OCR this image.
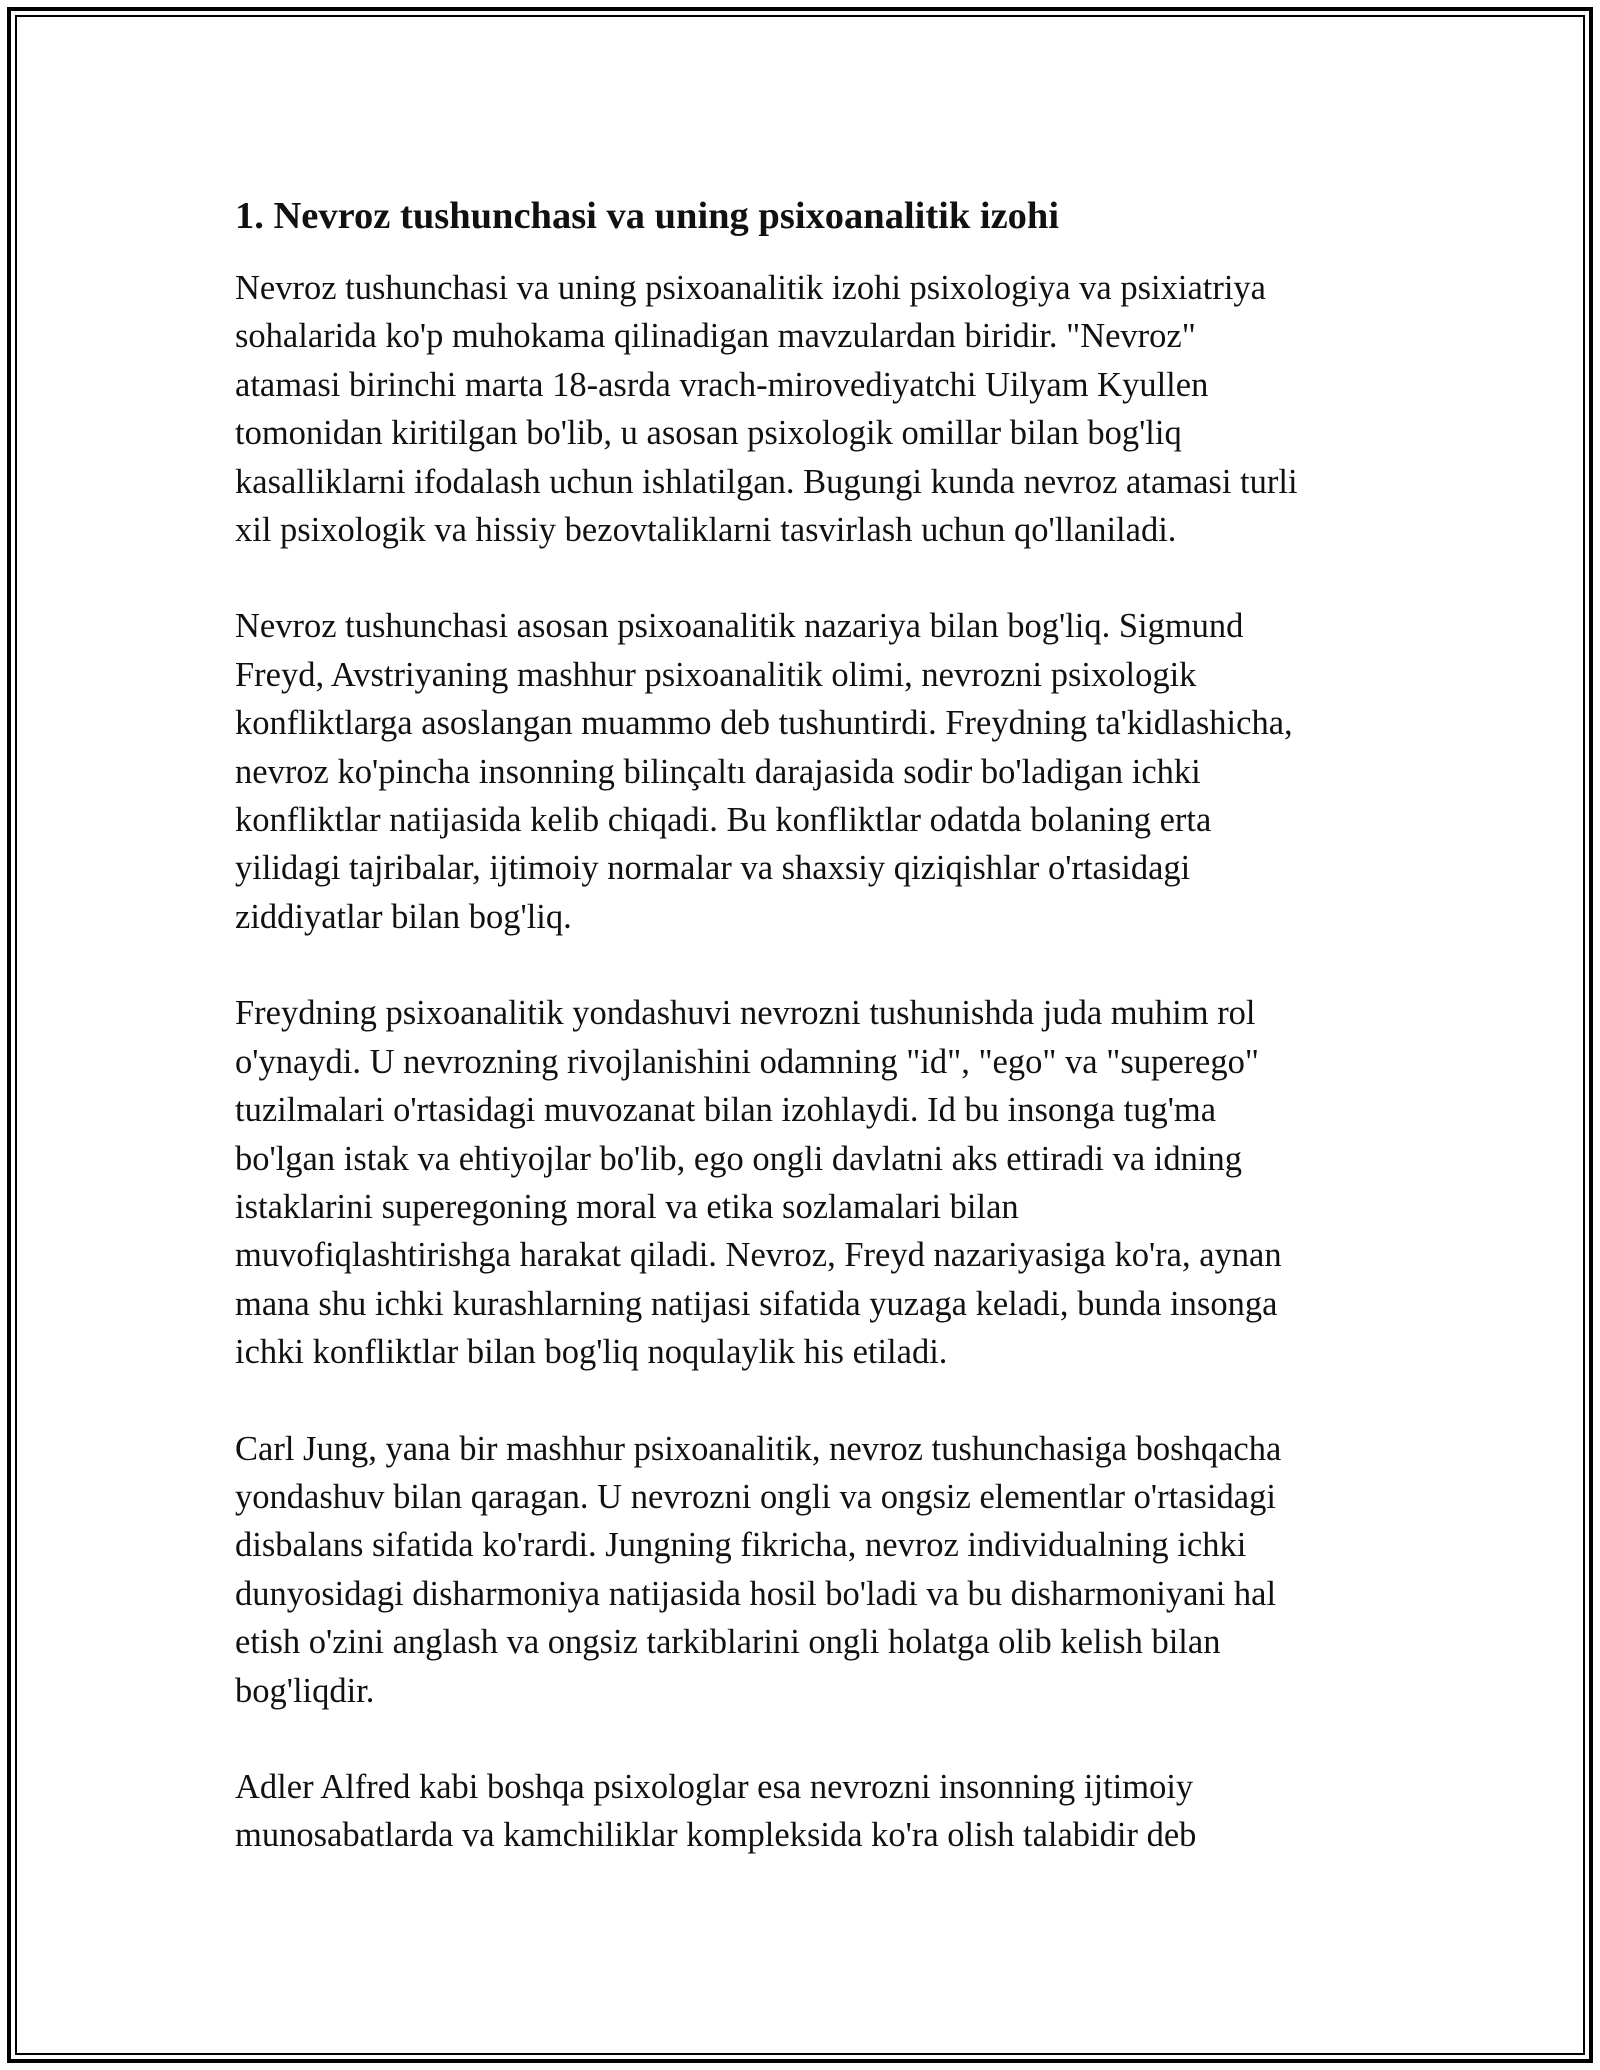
1. Nevroz tushunchasi va uning psixoanalitik izohi
Nevroz tushunchasi va uning psixoanalitik izohi psixologiya va psixiatriya
sohalarida ko'p muhokama qilinadigan mavzulardan biridir. "Nevroz"
atamasi birinchi marta 18-asrda vrach-mirovediyatchi Uilyam Kyullen
tomonidan kiritilgan bo'lib, u asosan psixologik omillar bilan bog'liq
kasalliklarni ifodalash uchun ishlatilgan. Bugungi kunda nevroz atamasi turli
xil psixologik va hissiy bezovtaliklarni tasvirlash uchun qo'llaniladi.
Nevroz tushunchasi asosan psixoanalitik nazariya bilan bog'liq. Sigmund
Freyd, Avstriyaning mashhur psixoanalitik olimi, nevrozni psixologik
konfliktlarga asoslangan muammo deb tushuntirdi. Freydning ta'kidlashicha,
nevroz ko'pincha insonning bilinçaltı darajasida sodir bo'ladigan ichki
konfliktlar natijasida kelib chiqadi. Bu konfliktlar odatda bolaning erta
yilidagi tajribalar, ijtimoiy normalar va shaxsiy qiziqishlar o'rtasidagi
ziddiyatlar bilan bog'liq.
Freydning psixoanalitik yondashuvi nevrozni tushunishda juda muhim rol
o'ynaydi. U nevrozning rivojlanishini odamning "id", "ego" va "superego"
tuzilmalari o'rtasidagi muvozanat bilan izohlaydi. Id bu insonga tug'ma
bo'lgan istak va ehtiyojlar bo'lib, ego ongli davlatni aks ettiradi va idning
istaklarini superegoning moral va etika sozlamalari bilan
muvofiqlashtirishga harakat qiladi. Nevroz, Freyd nazariyasiga ko'ra, aynan
mana shu ichki kurashlarning natijasi sifatida yuzaga keladi, bunda insonga
ichki konfliktlar bilan bog'liq noqulaylik his etiladi.
Carl Jung, yana bir mashhur psixoanalitik, nevroz tushunchasiga boshqacha
yondashuv bilan qaragan. U nevrozni ongli va ongsiz elementlar o'rtasidagi
disbalans sifatida ko'rardi. Jungning fikricha, nevroz individualning ichki
dunyosidagi disharmoniya natijasida hosil bo'ladi va bu disharmoniyani hal
etish o'zini anglash va ongsiz tarkiblarini ongli holatga olib kelish bilan
bog'liqdir.
Adler Alfred kabi boshqa psixologlar esa nevrozni insonning ijtimoiy
munosabatlarda va kamchiliklar kompleksida ko'ra olish talabidir deb
